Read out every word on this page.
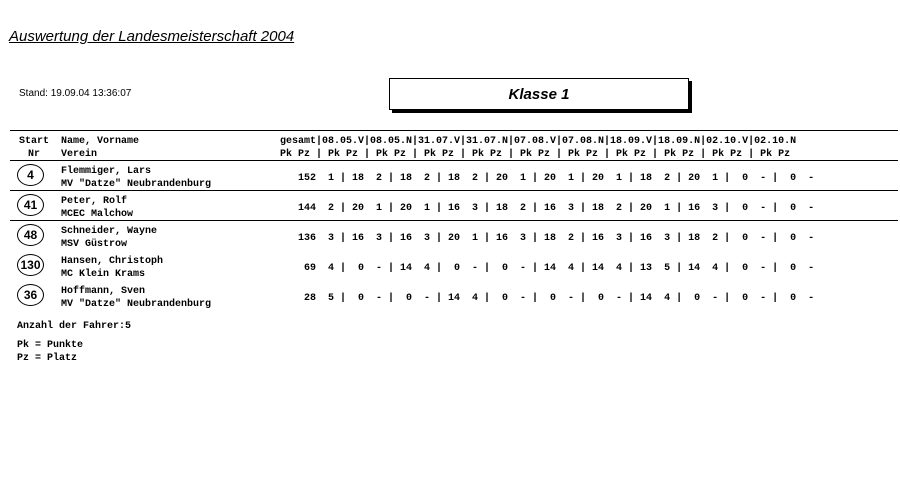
Auswertung der Landesmeisterschaft 2004
Stand: 19.09.04 13:36:07	Klasse 1
Start
Nr
Name, Vorname
Verein
gesamt|08.05.V|08.05.N|31.07.V|31.07.N|07.08.V|07.08.N|18.09.V|18.09.N|02.10.V|02.10.N
Pk Pz | Pk Pz | Pk Pz | Pk Pz | Pk Pz | Pk Pz | Pk Pz | Pk Pz | Pk Pz | Pk Pz | Pk Pz
4	Flemmiger, Lars
MV "Datze" Neubrandenburg
152  1 | 18  2 | 18  2 | 18  2 | 20  1 | 20  1 | 20  1 | 18  2 | 20  1 |  0  - |  0  -
41	Peter, Rolf
MCEC Malchow
144  2 | 20  1 | 20  1 | 16  3 | 18  2 | 16  3 | 18  2 | 20  1 | 16  3 |  0  - |  0  -
48	Schneider, Wayne
MSV Güstrow
136  3 | 16  3 | 16  3 | 20  1 | 16  3 | 18  2 | 16  3 | 16  3 | 18  2 |  0  - |  0  -
130	Hansen, Christoph
MC Klein Krams
69  4 |  0  - | 14  4 |  0  - |  0  - | 14  4 | 14  4 | 13  5 | 14  4 |  0  - |  0  -
36	Hoffmann, Sven
MV "Datze" Neubrandenburg
28  5 |  0  - |  0  - | 14  4 |  0  - |  0  - |  0  - | 14  4 |  0  - |  0  - |  0  -
Anzahl der Fahrer:5
Pk = Punkte
Pz = Platz
